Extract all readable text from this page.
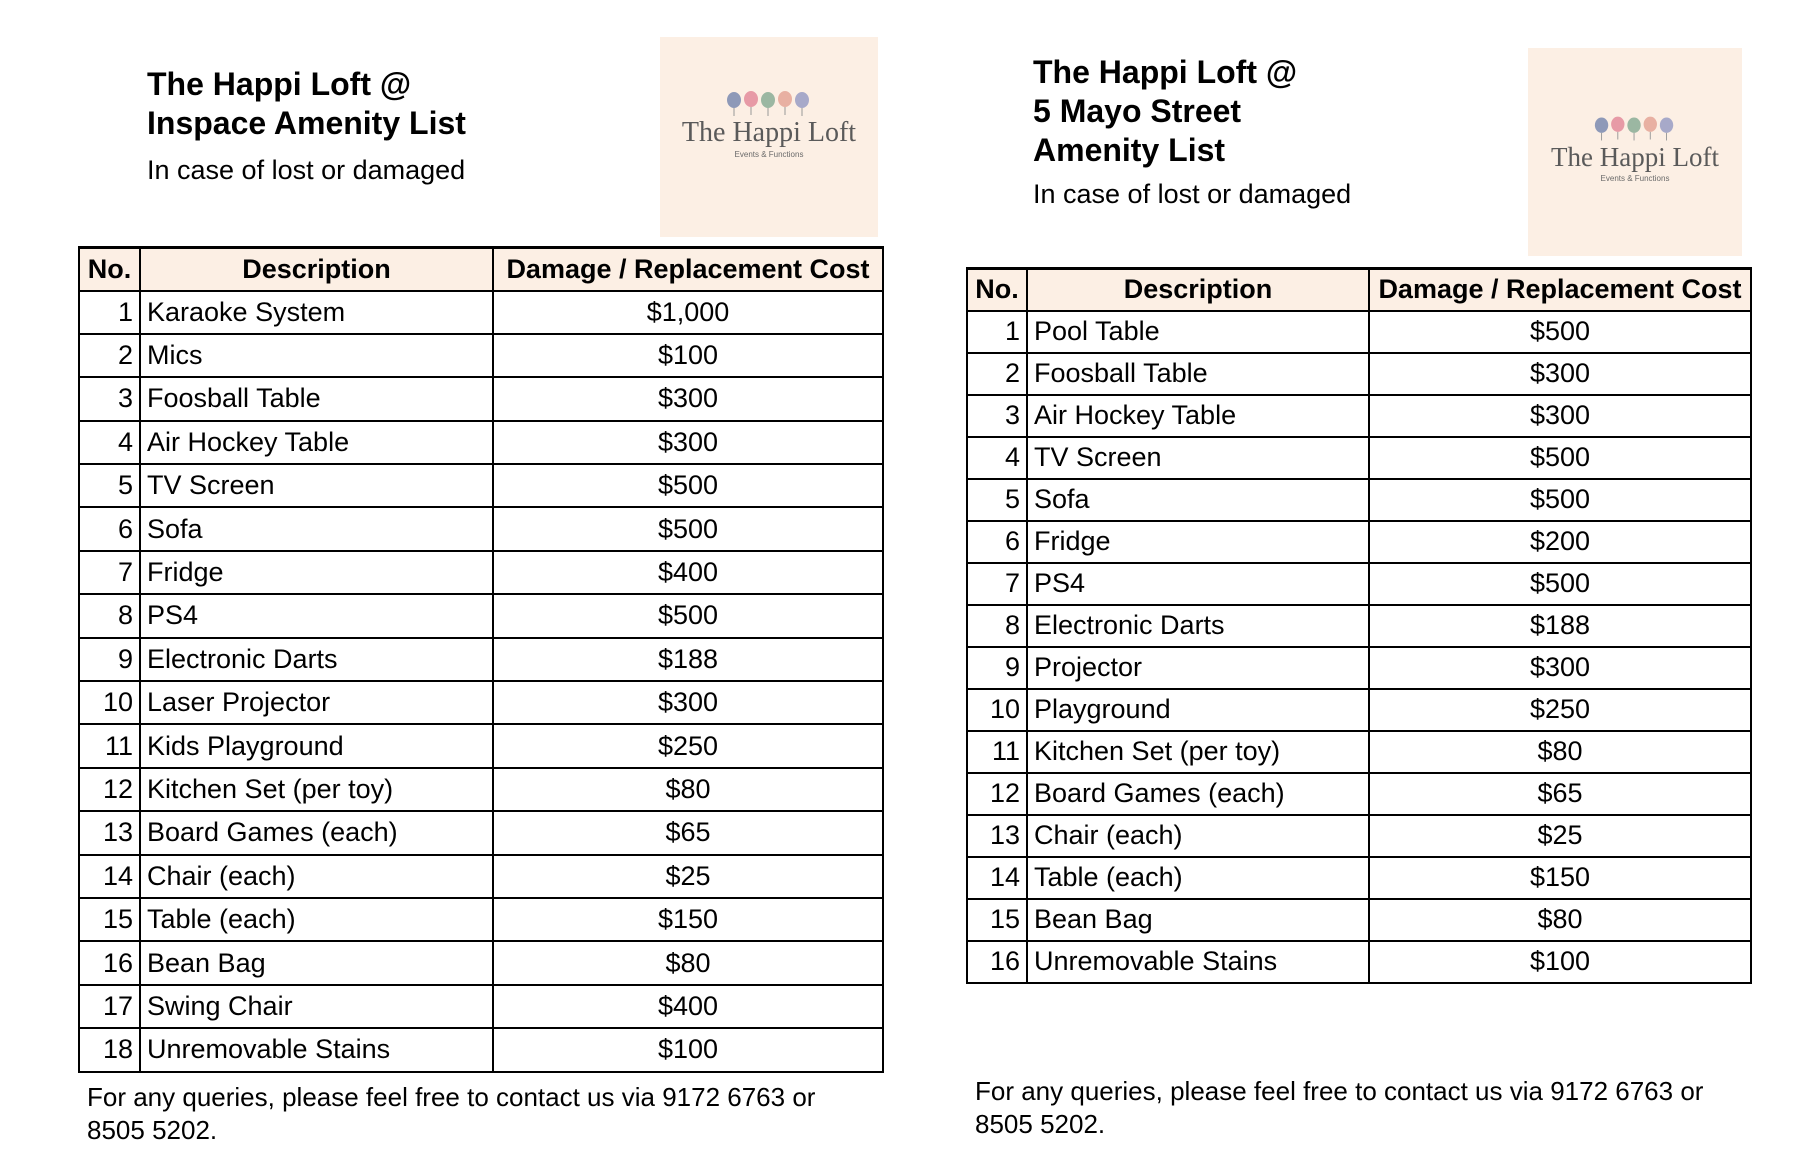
The Happi Loft @
Inspace Amenity List
In case of lost or damaged
The Happi Loft
Events & Functions
No.	Description	Damage / Replacement Cost
1	Karaoke System	$1,000
2	Mics	$100
3	Foosball Table	$300
4	Air Hockey Table	$300
5	TV Screen	$500
6	Sofa	$500
7	Fridge	$400
8	PS4	$500
9	Electronic Darts	$188
10	Laser Projector	$300
11	Kids Playground	$250
12	Kitchen Set (per toy)	$80
13	Board Games (each)	$65
14	Chair (each)	$25
15	Table (each)	$150
16	Bean Bag	$80
17	Swing Chair	$400
18	Unremovable Stains	$100
For any queries, please feel free to contact us via 9172 6763 or
8505 5202.
The Happi Loft @
5 Mayo Street
Amenity List
In case of lost or damaged
The Happi Loft
Events & Functions
No.	Description	Damage / Replacement Cost
1	Pool Table	$500
2	Foosball Table	$300
3	Air Hockey Table	$300
4	TV Screen	$500
5	Sofa	$500
6	Fridge	$200
7	PS4	$500
8	Electronic Darts	$188
9	Projector	$300
10	Playground	$250
11	Kitchen Set (per toy)	$80
12	Board Games (each)	$65
13	Chair (each)	$25
14	Table (each)	$150
15	Bean Bag	$80
16	Unremovable Stains	$100
For any queries, please feel free to contact us via 9172 6763 or
8505 5202.
